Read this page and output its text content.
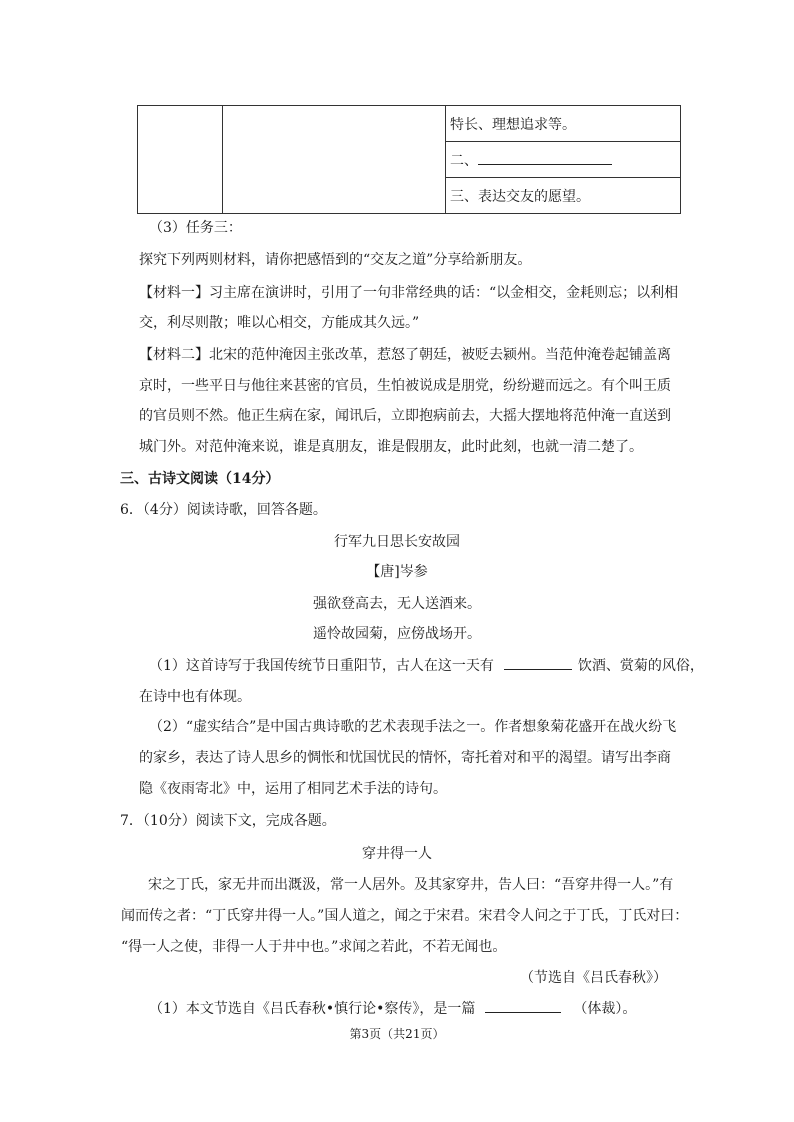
		特长、理想追求等。
二、
三、表达交友的愿望。
（3）任务三：
探究下列两则材料，请你把感悟到的“交友之道”分享给新朋友。
【材料一】习主席在演讲时，引用了一句非常经典的话：“以金相交，金耗则忘；以利相
交，利尽则散；唯以心相交，方能成其久远。”
【材料二】北宋的范仲淹因主张改革，惹怒了朝廷，被贬去颍州。当范仲淹卷起铺盖离
京时，一些平日与他往来甚密的官员，生怕被说成是朋党，纷纷避而远之。有个叫王质
的官员则不然。他正生病在家，闻讯后，立即抱病前去，大摇大摆地将范仲淹一直送到
城门外。对范仲淹来说，谁是真朋友，谁是假朋友，此时此刻，也就一清二楚了。
三、古诗文阅读（14分）
6．（4分）阅读诗歌，回答各题。
行军九日思长安故园
【唐]岑参
强欲登高去，无人送酒来。
遥怜故园菊，应傍战场开。
（1）这首诗写于我国传统节日重阳节，古人在这一天有	饮酒、赏菊的风俗，
在诗中也有体现。
（2）“虚实结合”是中国古典诗歌的艺术表现手法之一。作者想象菊花盛开在战火纷飞
的家乡，表达了诗人思乡的惆怅和忧国忧民的情怀，寄托着对和平的渴望。请写出李商
隐《夜雨寄北》中，运用了相同艺术手法的诗句。
7．（10分）阅读下文，完成各题。
穿井得一人
宋之丁氏，家无井而出溉汲，常一人居外。及其家穿井，告人曰：“吾穿井得一人。”有
闻而传之者：“丁氏穿井得一人。”国人道之，闻之于宋君。宋君令人问之于丁氏，丁氏对曰：
“得一人之使，非得一人于井中也。”求闻之若此，不若无闻也。
（节选自《吕氏春秋》）
（1）本文节选自《吕氏春秋•慎行论•察传》，是一篇	（体裁）。
第3页（共21页）
